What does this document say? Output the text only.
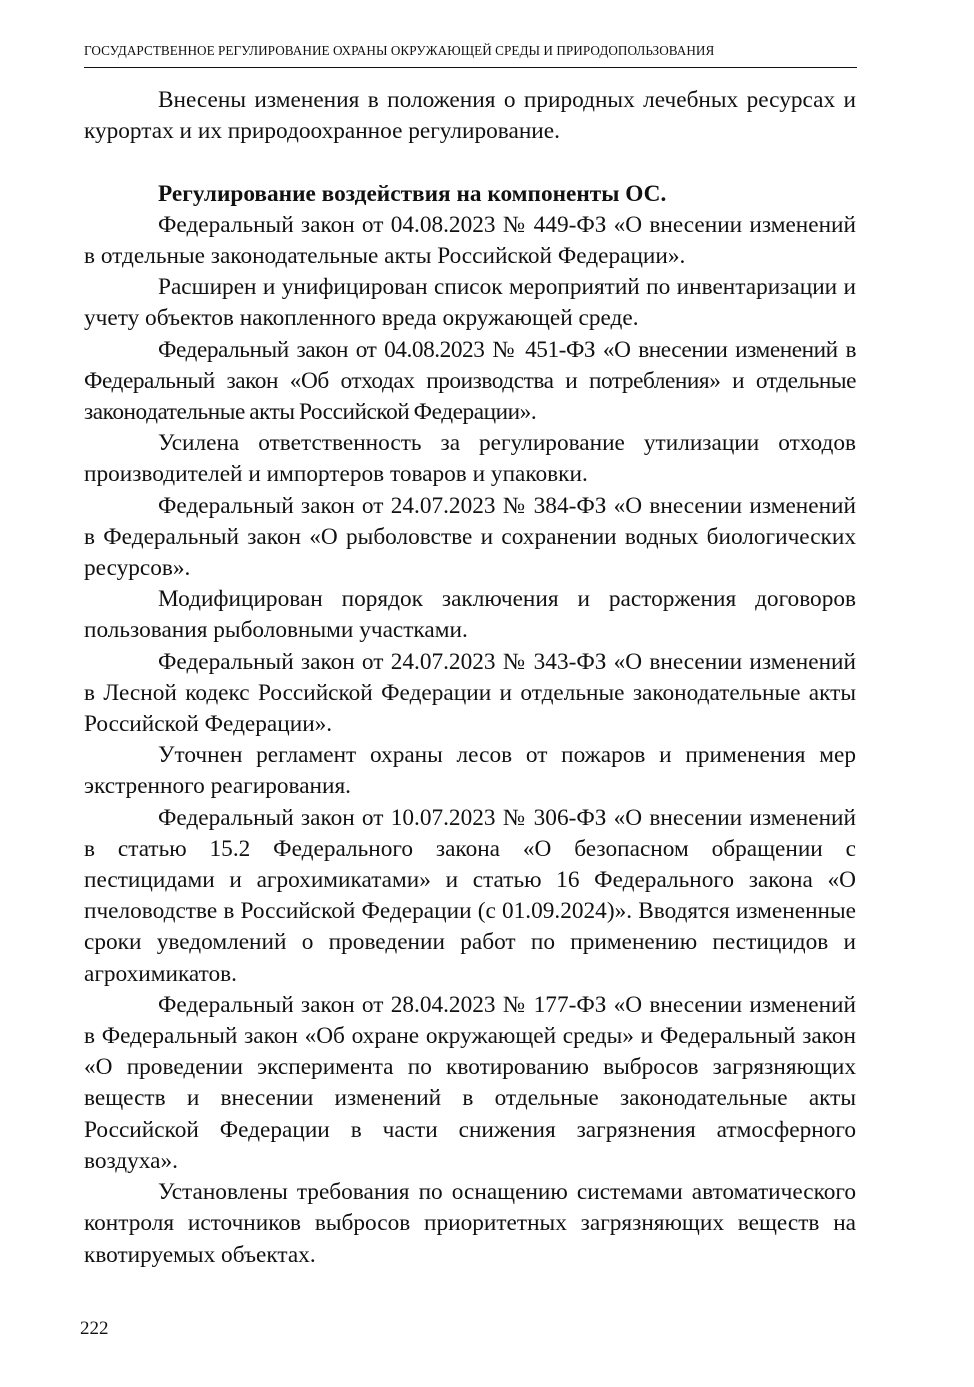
ГОСУДАРСТВЕННОЕ РЕГУЛИРОВАНИЕ ОХРАНЫ ОКРУЖАЮЩЕЙ СРЕДЫ И ПРИРОДОПОЛЬЗОВАНИЯ

Внесены изменения в положения о природных лечебных ресурсах и курортах и их природоохранное регулирование.

Регулирование воздействия на компоненты ОС.

Федеральный закон от 04.08.2023 № 449-ФЗ «О внесении изменений в отдельные законодательные акты Российской Федерации».

Расширен и унифицирован список мероприятий по инвентаризации и учету объектов накопленного вреда окружающей среде.

Федеральный закон от 04.08.2023 № 451-ФЗ «О внесении изменений в Федеральный закон «Об отходах производства и потребления» и отдельные законодательные акты Российской Федерации».

Усилена ответственность за регулирование утилизации отходов производителей и импортеров товаров и упаковки.

Федеральный закон от 24.07.2023 № 384-ФЗ «О внесении изменений в Федеральный закон «О рыболовстве и сохранении водных биологических ресурсов».

Модифицирован порядок заключения и расторжения договоров пользования рыболовными участками.

Федеральный закон от 24.07.2023 № 343-ФЗ «О внесении изменений в Лесной кодекс Российской Федерации и отдельные законодательные акты Российской Федерации».

Уточнен регламент охраны лесов от пожаров и применения мер экстренного реагирования.

Федеральный закон от 10.07.2023 № 306-ФЗ «О внесении изменений в статью 15.2 Федерального закона «О безопасном обращении с пестицидами и агрохимикатами» и статью 16 Федерального закона «О пчеловодстве в Российской Федерации (с 01.09.2024)». Вводятся измененные сроки уведомлений о проведении работ по применению пестицидов и агрохимикатов.

Федеральный закон от 28.04.2023 № 177-ФЗ «О внесении изменений в Федеральный закон «Об охране окружающей среды» и Федеральный закон «О проведении эксперимента по квотированию выбросов загрязняющих веществ и внесении изменений в отдельные законодательные акты Российской Федерации в части снижения загрязнения атмосферного воздуха».

Установлены требования по оснащению системами автоматического контроля источников выбросов приоритетных загрязняющих веществ на квотируемых объектах.

222
